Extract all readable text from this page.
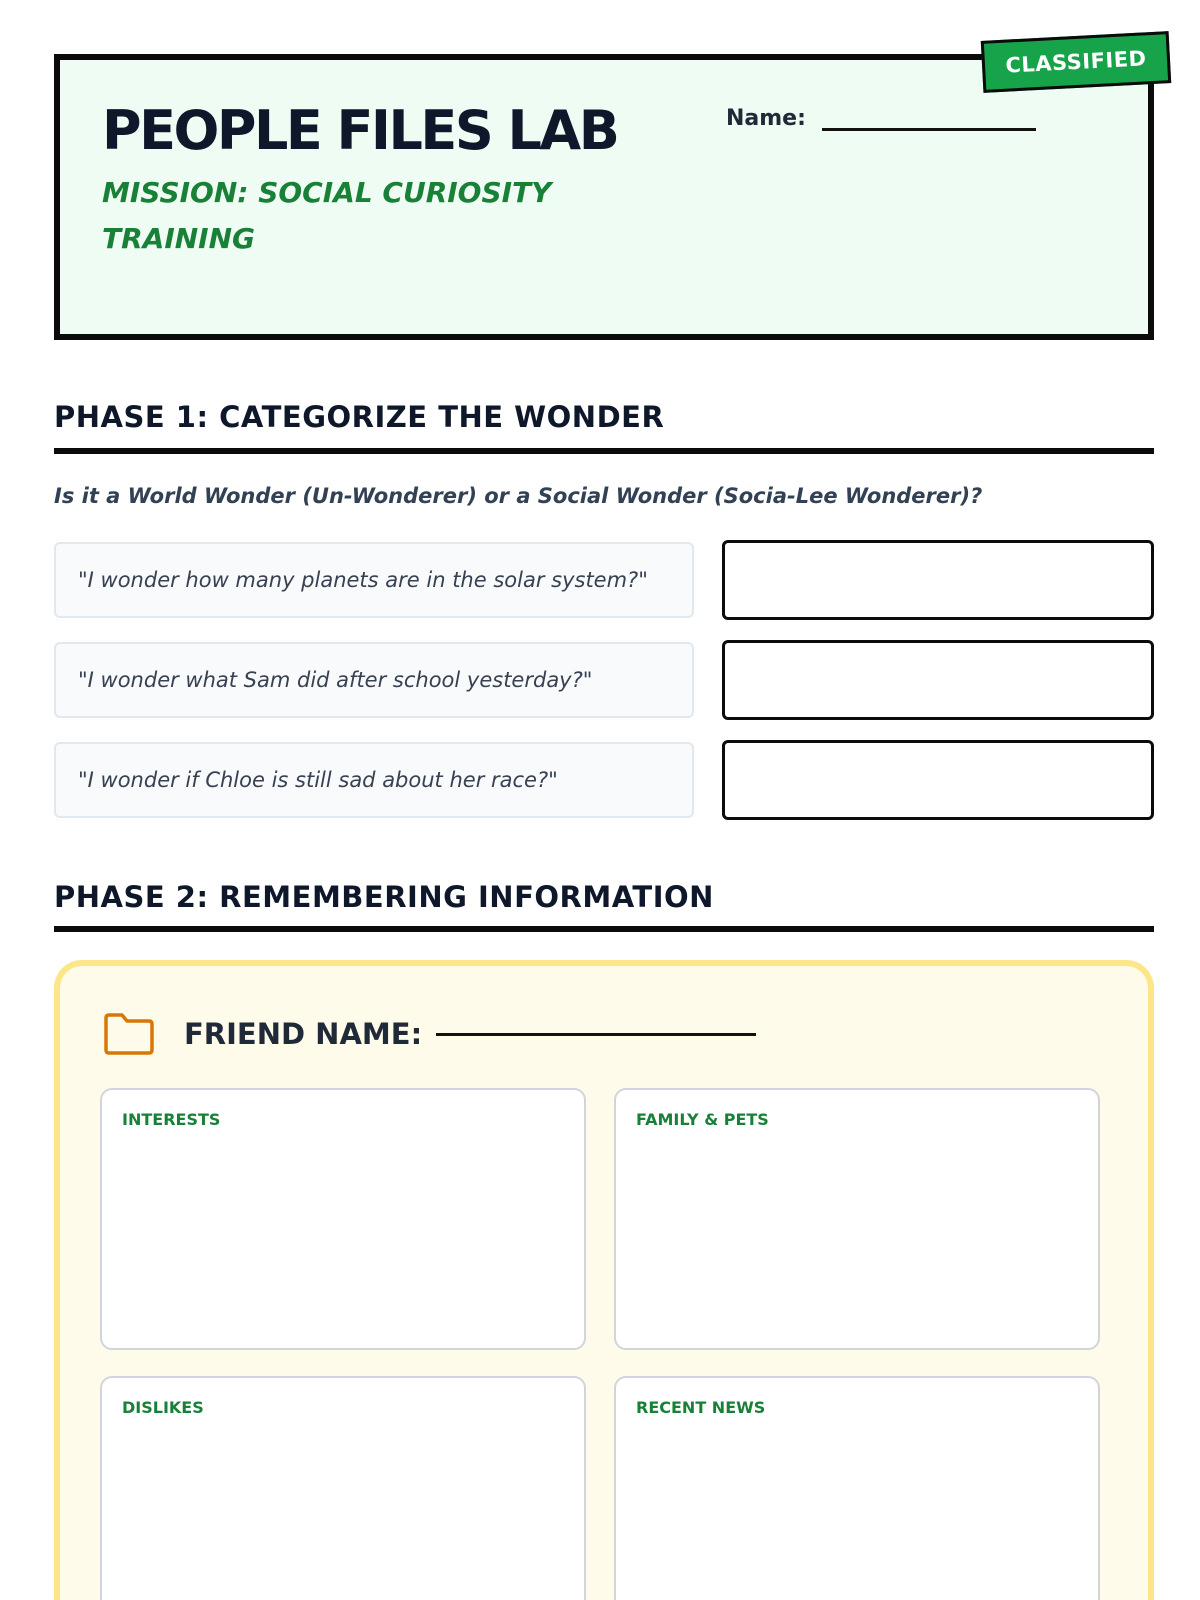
PEOPLE FILES LAB
MISSION: SOCIAL CURIOSITY TRAINING
Name:
CLASSIFIED
PHASE 1: CATEGORIZE THE WONDER
Is it a World Wonder (Un-Wonderer) or a Social Wonder (Socia-Lee Wonderer)?
"I wonder how many planets are in the solar system?"
"I wonder what Sam did after school yesterday?"
"I wonder if Chloe is still sad about her race?"
PHASE 2: REMEMBERING INFORMATION
FRIEND NAME:
INTERESTS	FAMILY & PETS
DISLIKES	RECENT NEWS
